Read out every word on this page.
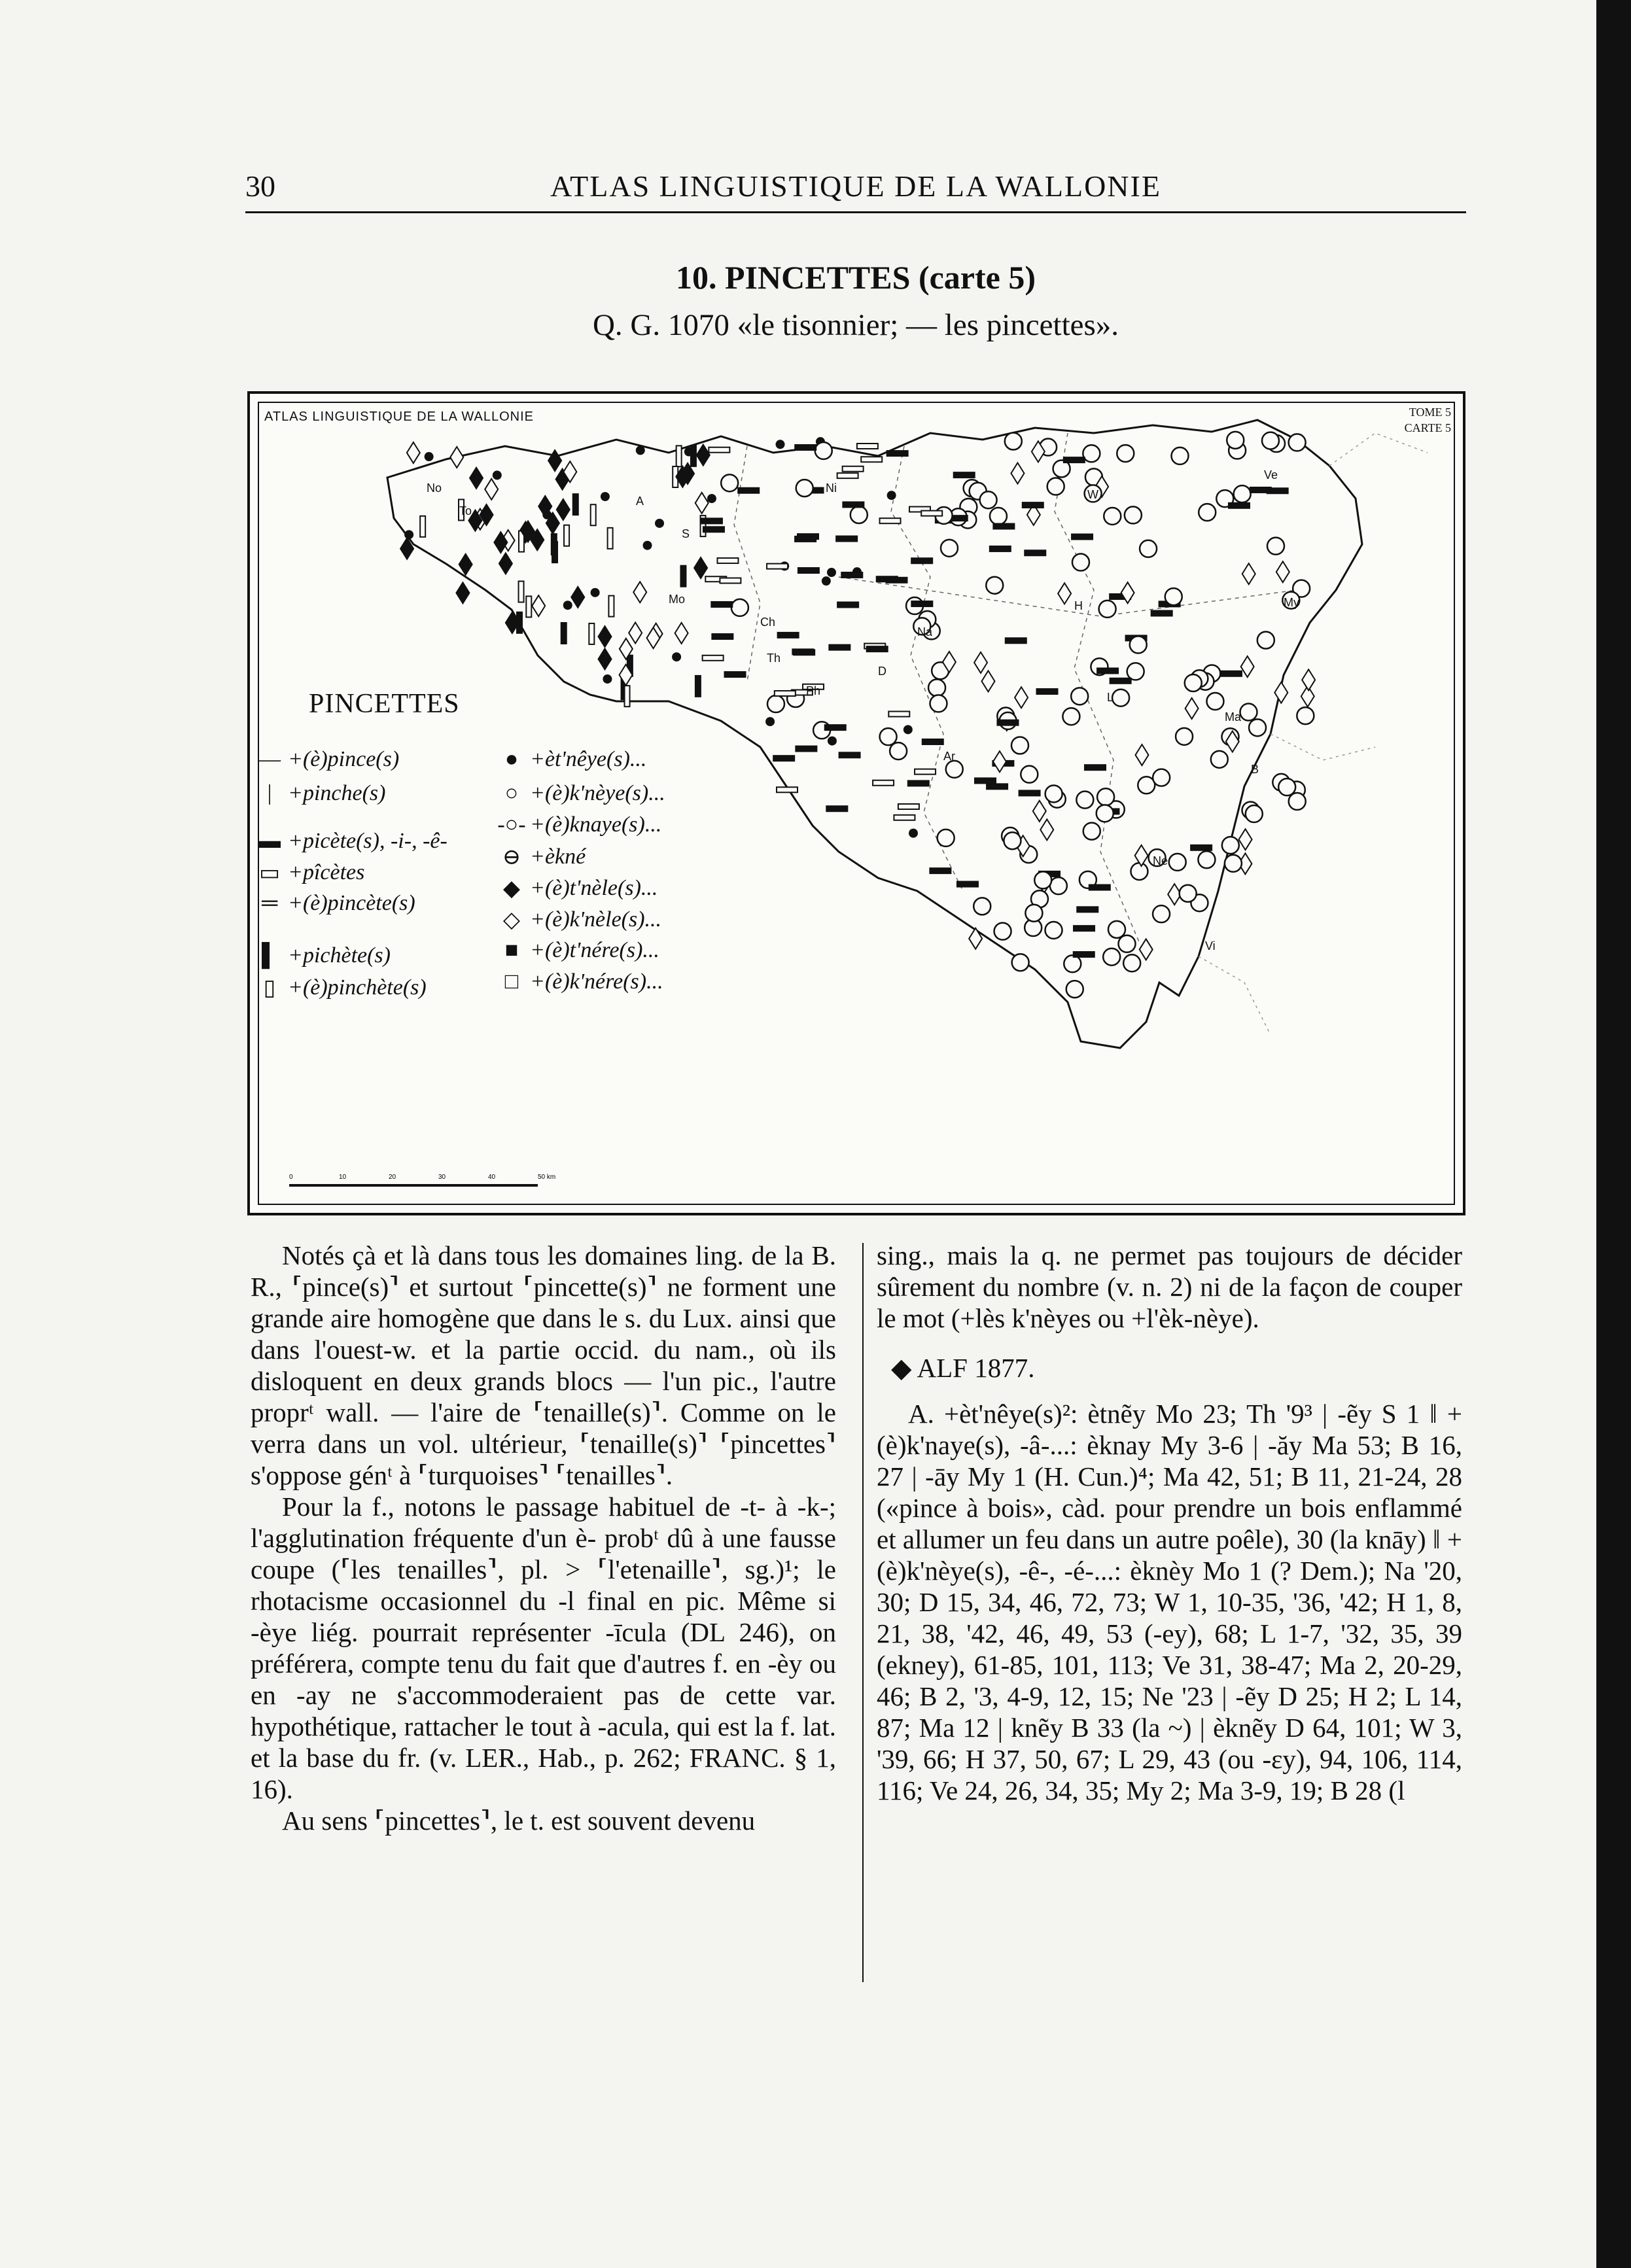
30	ATLAS LINGUISTIQUE DE LA WALLONIE
10. PINCETTES (carte 5)
Q. G. 1070 «le tisonnier; — les pincettes».
ATLAS LINGUISTIQUE DE LA WALLONIE	TOME 5
CARTE 5
No
To
A
S
Mo
Ni
Ch
Th
Ph
D
Na
W
H
L
Ve
My
Ma
Ar
B
Ne
Vi
0	10	20	30	40	50 km
PINCETTES
— +(è)pince(s)
| +pinche(s)
▬ +picète(s), -i-, -ê-
▭ +pîcètes
═ +(è)pincète(s)
▌ +pichète(s)
▯ +(è)pinchète(s)
● +èt'nêye(s)...
○ +(è)k'nèye(s)...
-○- +(è)knaye(s)...
⊖ +èkné
◆ +(è)t'nèle(s)...
◇ +(è)k'nèle(s)...
■ +(è)t'nére(s)...
□ +(è)k'nére(s)...

Notés çà et là dans tous les domaines ling. de la B. R., ⸢pince(s)⸣ et surtout ⸢pincette(s)⸣ ne forment une grande aire homogène que dans le s. du Lux. ainsi que dans l'ouest-w. et la partie occid. du nam., où ils disloquent en deux grands blocs — l'un pic., l'autre proprᵗ wall. — l'aire de ⸢tenaille(s)⸣. Comme on le verra dans un vol. ultérieur, ⸢tenaille(s)⸣ ⸢pincettes⸣ s'oppose génᵗ à ⸢turquoises⸣ ⸢tenailles⸣.

Pour la f., notons le passage habituel de -t- à -k-; l'agglutination fréquente d'un è- probᵗ dû à une fausse coupe (⸢les tenailles⸣, pl. > ⸢l'etenaille⸣, sg.)¹; le rhotacisme occasionnel du -l final en pic. Même si -èye liég. pourrait représenter -īcula (DL 246), on préférera, compte tenu du fait que d'autres f. en -èy ou en -ay ne s'accommoderaient pas de cette var. hypothétique, rattacher le tout à -acula, qui est la f. lat. et la base du fr. (v. LER., Hab., p. 262; FRANC. § 1, 16).

Au sens ⸢pincettes⸣, le t. est souvent devenu

sing., mais la q. ne permet pas toujours de décider sûrement du nombre (v. n. 2) ni de la façon de couper le mot (+lès k'nèyes ou +l'èk-nèye).

◆ ALF 1877.

A. +èt'nêye(s)²: ètnẽy Mo 23; Th '9³ | -ẽy S 1 ‖ +(è)k'naye(s), -â-...: èknay My 3-6 | -ăy Ma 53; B 16, 27 | -āy My 1 (H. Cun.)⁴; Ma 42, 51; B 11, 21-24, 28 («pince à bois», càd. pour prendre un bois enflammé et allumer un feu dans un autre poêle), 30 (la knāy) ‖ +(è)k'nèye(s), -ê-, -é-...: èknèy Mo 1 (? Dem.); Na '20, 30; D 15, 34, 46, 72, 73; W 1, 10-35, '36, '42; H 1, 8, 21, 38, '42, 46, 49, 53 (-ey), 68; L 1-7, '32, 35, 39 (ekney), 61-85, 101, 113; Ve 31, 38-47; Ma 2, 20-29, 46; B 2, '3, 4-9, 12, 15; Ne '23 | -ẽy D 25; H 2; L 14, 87; Ma 12 | knẽy B 33 (la ~) | èknẽy D 64, 101; W 3, '39, 66; H 37, 50, 67; L 29, 43 (ou -ɛy), 94, 106, 114, 116; Ve 24, 26, 34, 35; My 2; Ma 3-9, 19; B 28 (l
